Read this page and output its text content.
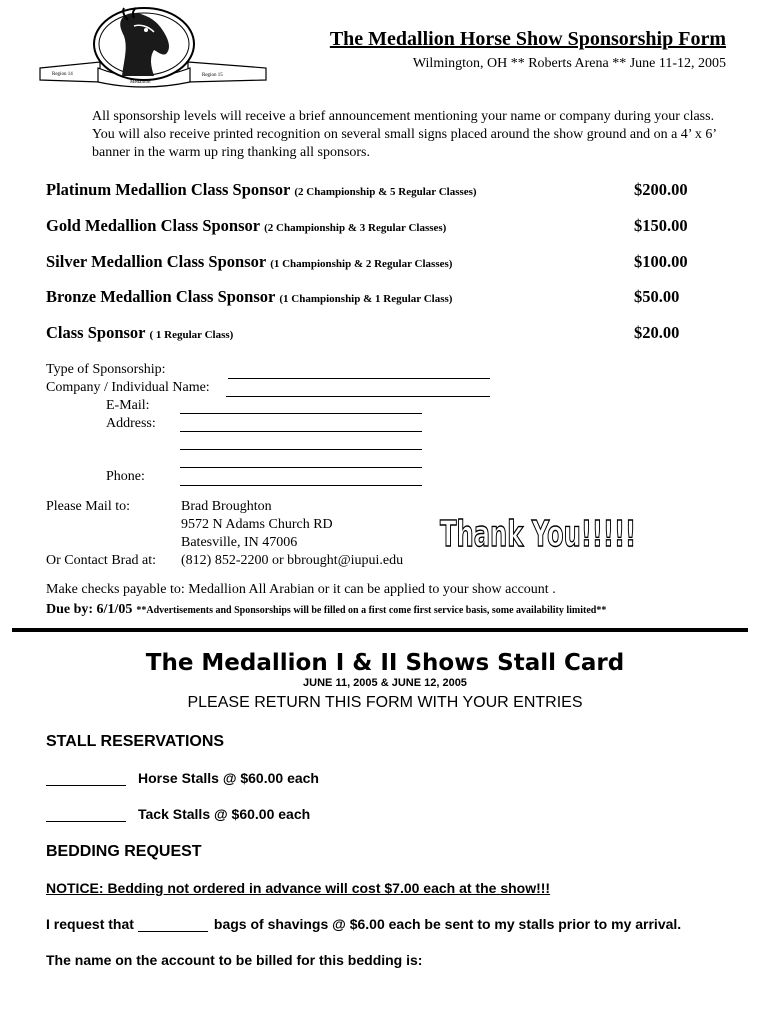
Region 14
Medallion
Region 15
The Medallion Horse Show Sponsorship Form
Wilmington, OH ** Roberts Arena ** June 11-12, 2005
All sponsorship levels will receive a brief announcement mentioning your name or company during your class. You will also receive printed recognition on several small signs placed around the show ground and on a 4’ x 6’ banner in the warm up ring thanking all sponsors.
Platinum Medallion Class Sponsor (2 Championship & 5 Regular Classes)	$200.00
Gold Medallion Class Sponsor (2 Championship & 3 Regular Classes)	$150.00
Silver Medallion Class Sponsor (1 Championship & 2 Regular Classes)	$100.00
Bronze Medallion Class Sponsor (1 Championship & 1 Regular Class)	$50.00
Class Sponsor ( 1 Regular Class)	$20.00
Type of Sponsorship:
Company / Individual Name:
E-Mail:
Address:
Phone:
Please Mail to:	Brad Broughton
9572 N Adams Church RD
Batesville, IN 47006
Or Contact Brad at: (812) 852-2200 or bbrought@iupui.edu
Thank You!!!!!
Make checks payable to: Medallion All Arabian or it can be applied to your show account .
Due by: 6/1/05 **Advertisements and Sponsorships will be filled on a first come first service basis, some availability limited**
The Medallion I & II Shows Stall Card
JUNE 11, 2005 & JUNE 12, 2005
PLEASE RETURN THIS FORM WITH YOUR ENTRIES
STALL RESERVATIONS
Horse Stalls @ $60.00 each
Tack Stalls @ $60.00 each
BEDDING REQUEST
NOTICE: Bedding not ordered in advance will cost $7.00 each at the show!!!
I request that	bags of shavings @ $6.00 each be sent to my stalls prior to my arrival.
The name on the account to be billed for this bedding is:
